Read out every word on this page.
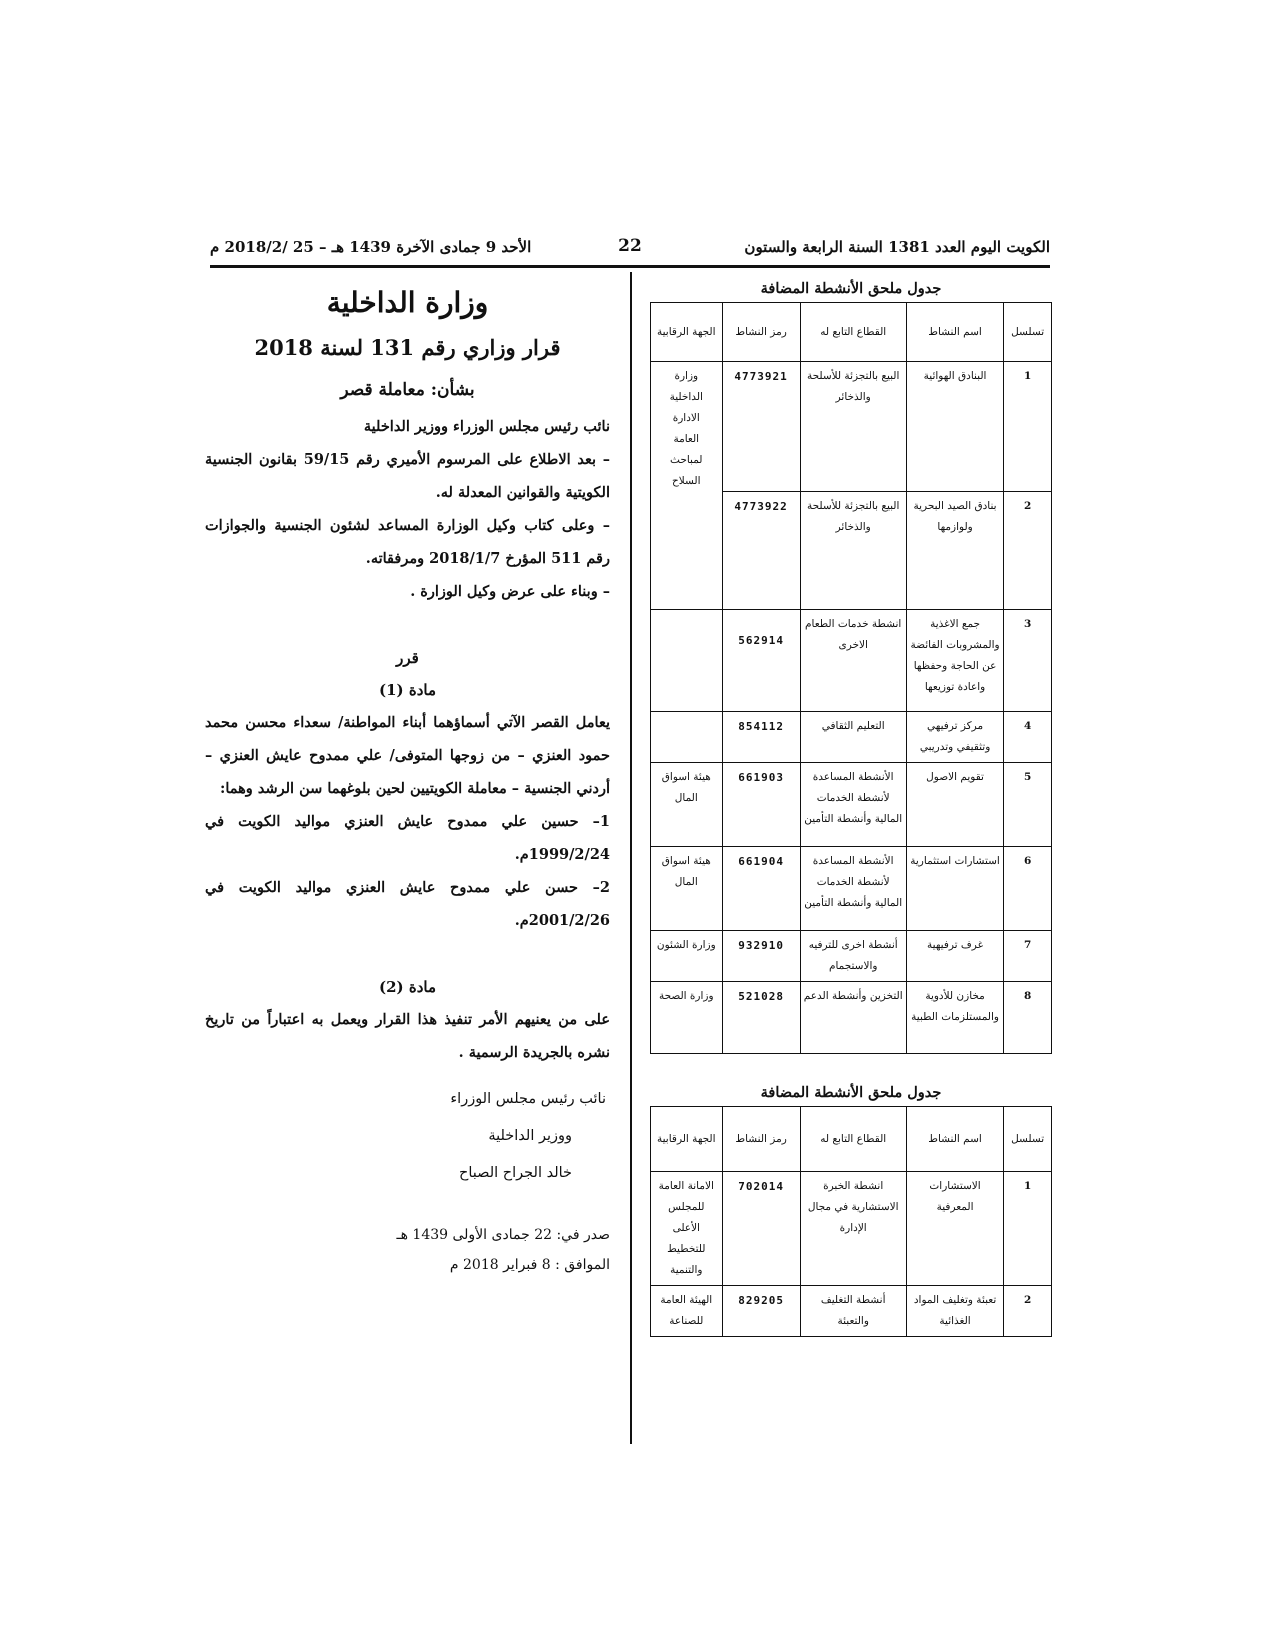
الكويت اليوم العدد 1381 السنة الرابعة والستون
22
الأحد 9 جمادى الآخرة 1439 هـ – 25 /2018/2 م
وزارة الداخلية
قرار وزاري رقم 131 لسنة 2018
بشأن: معاملة قصر
نائب رئيس مجلس الوزراء ووزير الداخلية
– بعد الاطلاع على المرسوم الأميري رقم 59/15 بقانون الجنسية الكويتية والقوانين المعدلة له.
– وعلى كتاب وكيل الوزارة المساعد لشئون الجنسية والجوازات رقم 511 المؤرخ 2018/1/7 ومرفقاته.
– وبناء على عرض وكيل الوزارة .
قرر
مادة (1)
يعامل القصر الآتي أسماؤهما أبناء المواطنة/ سعداء محسن محمد حمود العنزي – من زوجها المتوفى/ علي ممدوح عايش العنزي – أردني الجنسية – معاملة الكويتيين لحين بلوغهما سن الرشد وهما:
1– حسين علي ممدوح عايش العنزي مواليد الكويت في 1999/2/24م.
2– حسن علي ممدوح عايش العنزي مواليد الكويت في 2001/2/26م.
مادة (2)
على من يعنيهم الأمر تنفيذ هذا القرار ويعمل به اعتباراً من تاريخ نشره بالجريدة الرسمية .
نائب رئيس مجلس الوزراء
ووزير الداخلية
خالد الجراح الصباح
صدر في: 22 جمادى الأولى 1439 هـ
الموافق : 8 فبراير 2018 م
جدول ملحق الأنشطة المضافة
تسلسل	اسم النشاط	القطاع التابع له	رمز النشاط	الجهة الرقابية
1	البنادق الهوائية	البيع بالتجزئة للأسلحة والذخائر	4773921	وزارة الداخلية الادارة العامة لمباحث السلاح
2	بنادق الصيد البحرية ولوازمها	البيع بالتجزئة للأسلحة والذخائر	4773922	
3	جمع الاغذية والمشروبات الفائضة عن الحاجة وحفظها واعادة توزيعها	انشطة خدمات الطعام الاخرى	562914	
4	مركز ترفيهي وتثقيفي وتدريبي	التعليم الثقافي	854112	
5	تقويم الاصول	الأنشطة المساعدة لأنشطة الخدمات المالية وأنشطة التأمين	661903	هيئة اسواق المال
6	استشارات استثمارية	الأنشطة المساعدة لأنشطة الخدمات المالية وأنشطة التأمين	661904	هيئة اسواق المال
7	غرف ترفيهية	أنشطة اخرى للترفيه والاستجمام	932910	وزارة الشئون
8	مخازن للأدوية والمستلزمات الطبية	التخزين وأنشطة الدعم	521028	وزارة الصحة
جدول ملحق الأنشطة المضافة
تسلسل	اسم النشاط	القطاع التابع له	رمز النشاط	الجهة الرقابية
1	الاستشارات المعرفية	انشطة الخبرة الاستشارية في مجال الإدارة	702014	الامانة العامة للمجلس الأعلى للتخطيط والتنمية
2	تعبئة وتغليف المواد الغذائية	أنشطة التغليف والتعبئة	829205	الهيئة العامة للصناعة
